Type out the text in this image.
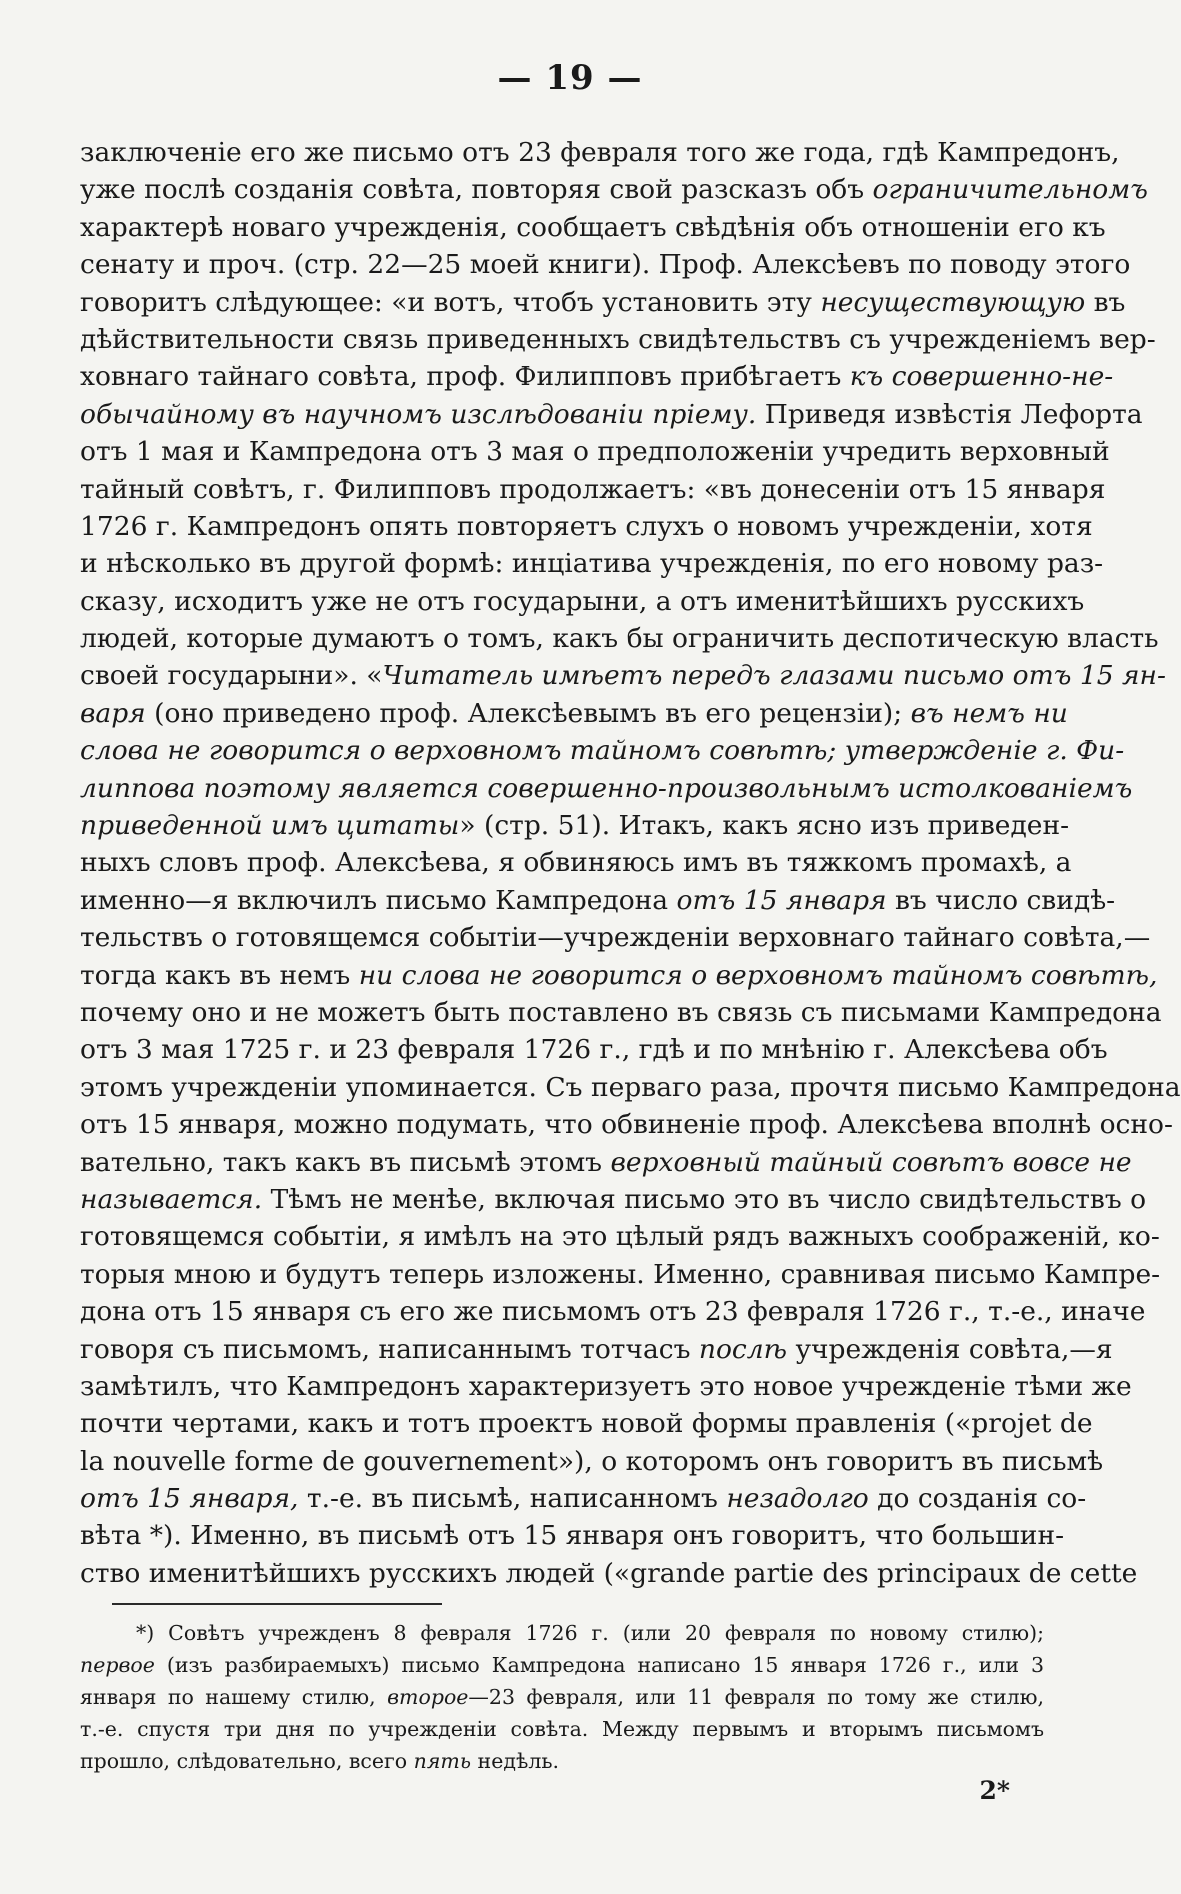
— 19 —
заключеніе его же письмо отъ 23 февраля того же года, гдѣ Кампредонъ,
уже послѣ созданія совѣта, повторяя свой разсказъ объ ограничительномъ
характерѣ новаго учрежденія, сообщаетъ свѣдѣнія объ отношеніи его къ
сенату и проч. (стр. 22—25 моей книги). Проф. Алексѣевъ по поводу этого
говоритъ слѣдующее: «и вотъ, чтобъ установить эту несуществующую въ
дѣйствительности связь приведенныхъ свидѣтельствъ съ учрежденіемъ вер-
ховнаго тайнаго совѣта, проф. Филипповъ прибѣгаетъ къ совершенно-не-
обычайному въ научномъ изслѣдованіи пріему. Приведя извѣстія Лефорта
отъ 1 мая и Кампредона отъ 3 мая о предположеніи учредить верховный
тайный совѣтъ, г. Филипповъ продолжаетъ: «въ донесеніи отъ 15 января
1726 г. Кампредонъ опять повторяетъ слухъ о новомъ учрежденіи, хотя
и нѣсколько въ другой формѣ: инціатива учрежденія, по его новому раз-
сказу, исходитъ уже не отъ государыни, а отъ именитѣйшихъ русскихъ
людей, которые думаютъ о томъ, какъ бы ограничить деспотическую власть
своей государыни». «Читатель имѣетъ передъ глазами письмо отъ 15 ян-
варя (оно приведено проф. Алексѣевымъ въ его рецензіи); въ немъ ни
слова не говорится о верховномъ тайномъ совѣтѣ; утвержденіе г. Фи-
липпова поэтому является совершенно-произвольнымъ истолкованіемъ
приведенной имъ цитаты» (стр. 51). Итакъ, какъ ясно изъ приведен-
ныхъ словъ проф. Алексѣева, я обвиняюсь имъ въ тяжкомъ промахѣ, а
именно—я включилъ письмо Кампредона отъ 15 января въ число свидѣ-
тельствъ о готовящемся событіи—учрежденіи верховнаго тайнаго совѣта,—
тогда какъ въ немъ ни слова не говорится о верховномъ тайномъ совѣтѣ,
почему оно и не можетъ быть поставлено въ связь съ письмами Кампредона
отъ 3 мая 1725 г. и 23 февраля 1726 г., гдѣ и по мнѣнію г. Алексѣева объ
этомъ учрежденіи упоминается. Съ перваго раза, прочтя письмо Кампредона
отъ 15 января, можно подумать, что обвиненіе проф. Алексѣева вполнѣ осно-
вательно, такъ какъ въ письмѣ этомъ верховный тайный совѣтъ вовсе не
называется. Тѣмъ не менѣе, включая письмо это въ число свидѣтельствъ о
готовящемся событіи, я имѣлъ на это цѣлый рядъ важныхъ соображеній, ко-
торыя мною и будутъ теперь изложены. Именно, сравнивая письмо Кампре-
дона отъ 15 января съ его же письмомъ отъ 23 февраля 1726 г., т.-е., иначе
говоря съ письмомъ, написаннымъ тотчасъ послѣ учрежденія совѣта,—я
замѣтилъ, что Кампредонъ характеризуетъ это новое учрежденіе тѣми же
почти чертами, какъ и тотъ проектъ новой формы правленія («projet de
la nouvelle forme de gouvernement»), о которомъ онъ говоритъ въ письмѣ
отъ 15 января, т.-е. въ письмѣ, написанномъ незадолго до созданія со-
вѣта *). Именно, въ письмѣ отъ 15 января онъ говоритъ, что большин-
ство именитѣйшихъ русскихъ людей («grande partie des principaux de cette
*) Совѣтъ учрежденъ 8 февраля 1726 г. (или 20 февраля по новому стилю);
первое (изъ разбираемыхъ) письмо Кампредона написано 15 января 1726 г., или 3
января по нашему стилю, второе—23 февраля, или 11 февраля по тому же стилю,
т.-е. спустя три дня по учрежденіи совѣта. Между первымъ и вторымъ письмомъ
прошло, слѣдовательно, всего пять недѣль.
2*
